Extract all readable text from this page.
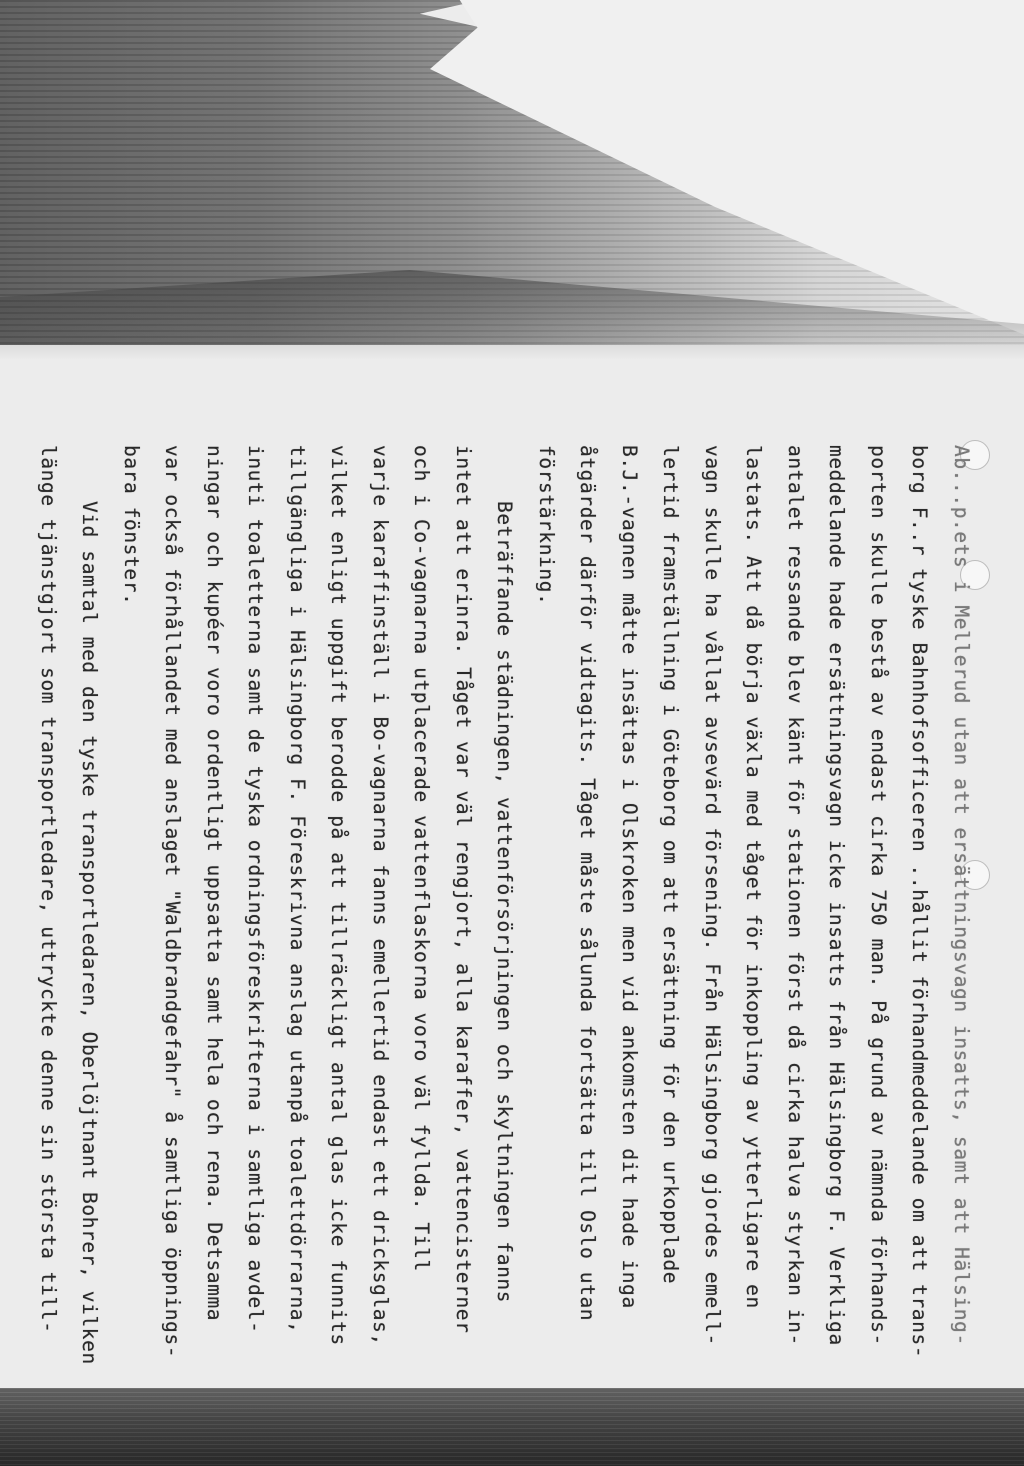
Ab...p.ets i Mellerud utan att ersättningsvagn insatts, samt att Hälsing-
borg F..r tyske Bahnhofsofficeren ..hållit förhandmeddelande om att trans-
porten skulle bestå av endast cirka 750 man. På grund av nämnda förhands-
meddelande hade ersättningsvagn icke insatts från Hälsingborg F. Verkliga
antalet ressande blev känt för stationen först då cirka halva styrkan in-
lastats. Att då börja växla med tåget för inkoppling av ytterligare en
vagn skulle ha vållat avsevärd försening. Från Hälsingborg gjordes emell-
lertid framställning i Göteborg om att ersättning för den urkopplade
B.J.-vagnen måtte insättas i Olskroken men vid ankomsten dit hade inga
åtgärder därför vidtagits. Tåget måste sålunda fortsätta till Oslo utan
förstärkning.
Beträffande städningen, vattenförsörjningen och skyltningen fanns
intet att erinra. Tåget var väl rengjort, alla karaffer, vattencisterner
och i Co-vagnarna utplacerade vattenflaskorna voro väl fyllda. Till
varje karaffinställ i Bo-vagnarna fanns emellertid endast ett dricksglas,
vilket enligt uppgift berodde på att tillräckligt antal glas icke funnits
tillgängliga i Hälsingborg F. Föreskrivna anslag utanpå toalettdörrarna,
inuti toaletterna samt de tyska ordningsföreskrifterna i samtliga avdel-
ningar och kupéer voro ordentligt uppsatta samt hela och rena. Detsamma
var också förhållandet med anslaget "Waldbrandgefahr" å samtliga öppnings-
bara fönster.
Vid samtal med den tyske transportledaren, Oberlöjtnant Bohrer, vilken
länge tjänstgjort som transportledare, uttryckte denne sin största till-
